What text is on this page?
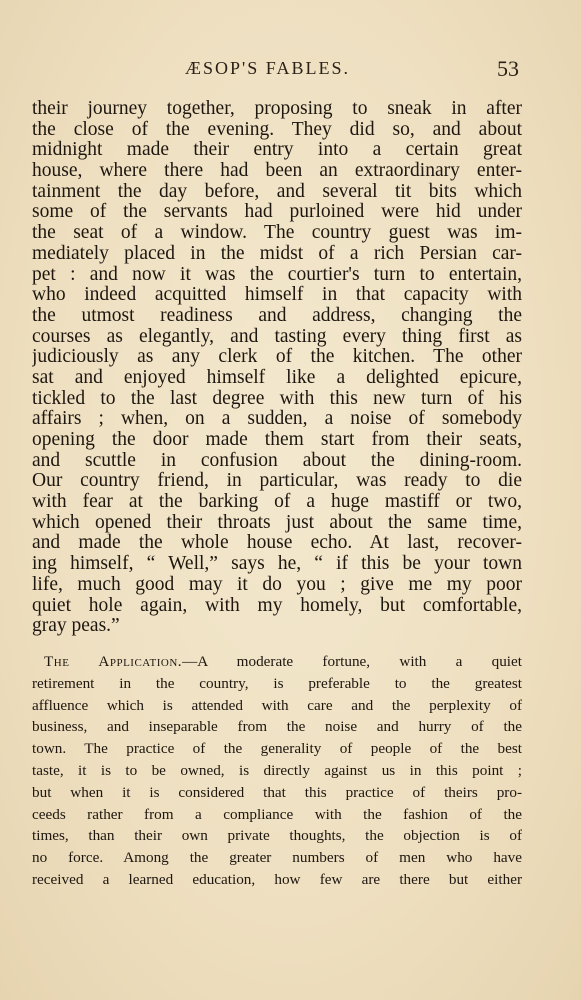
ÆSOP'S FABLES.	53
their journey together, proposing to sneak in after
the close of the evening. They did so, and about
midnight made their entry into a certain great
house, where there had been an extraordinary enter-
tainment the day before, and several tit bits which
some of the servants had purloined were hid under
the seat of a window. The country guest was im-
mediately placed in the midst of a rich Persian car-
pet : and now it was the courtier's turn to entertain,
who indeed acquitted himself in that capacity with
the utmost readiness and address, changing the
courses as elegantly, and tasting every thing first as
judiciously as any clerk of the kitchen. The other
sat and enjoyed himself like a delighted epicure,
tickled to the last degree with this new turn of his
affairs ; when, on a sudden, a noise of somebody
opening the door made them start from their seats,
and scuttle in confusion about the dining-room.
Our country friend, in particular, was ready to die
with fear at the barking of a huge mastiff or two,
which opened their throats just about the same time,
and made the whole house echo. At last, recover-
ing himself, “ Well,” says he, “ if this be your town
life, much good may it do you ; give me my poor
quiet hole again, with my homely, but comfortable,
gray peas.”
The Application.—A moderate fortune, with a quiet
retirement in the country, is preferable to the greatest
affluence which is attended with care and the perplexity of
business, and inseparable from the noise and hurry of the
town. The practice of the generality of people of the best
taste, it is to be owned, is directly against us in this point ;
but when it is considered that this practice of theirs pro-
ceeds rather from a compliance with the fashion of the
times, than their own private thoughts, the objection is of
no force. Among the greater numbers of men who have
received a learned education, how few are there but either
